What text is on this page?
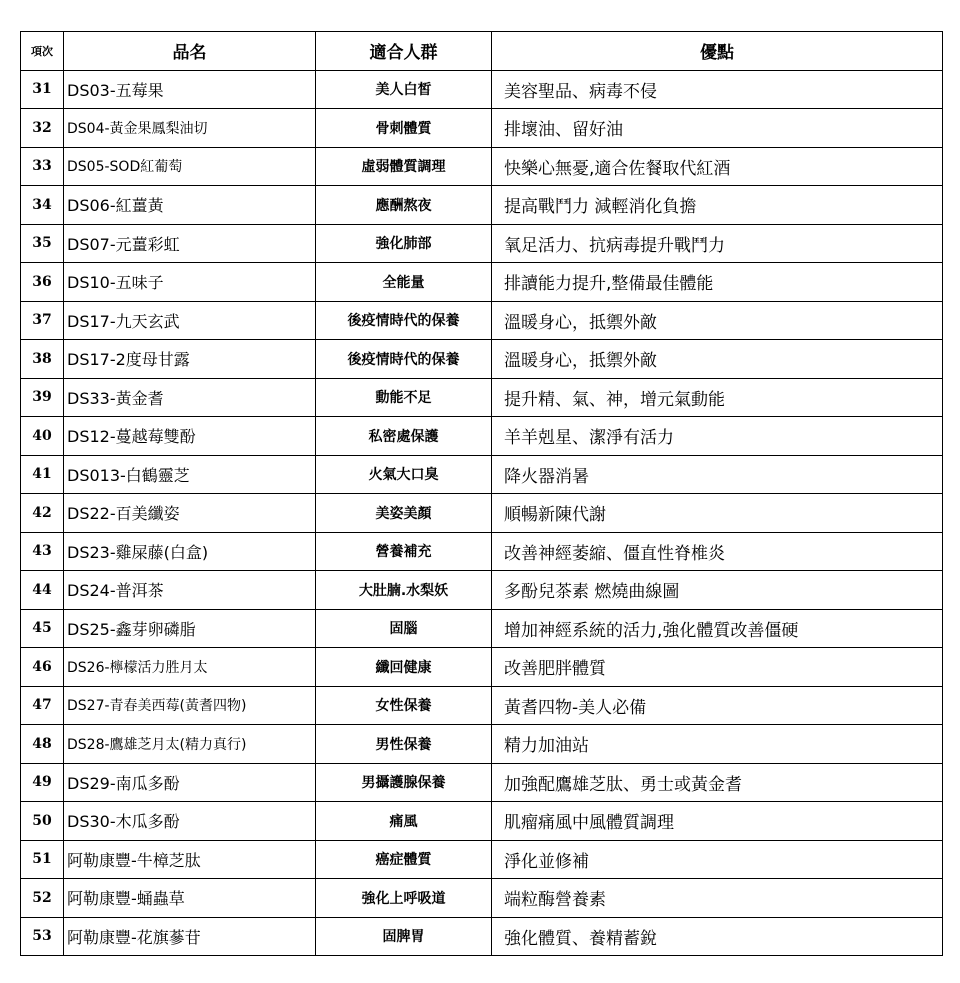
項次	品名	適合人群	優點
31	DS03-五莓果	美人白皙	美容聖品、病毒不侵
32	DS04-黃金果鳳梨油切	骨刺體質	排壞油、留好油
33	DS05-SOD紅葡萄	虛弱體質調理	快樂心無憂,適合佐餐取代紅酒
34	DS06-紅薑黃	應酬熬夜	提高戰鬥力 減輕消化負擔
35	DS07-元薑彩虹	強化肺部	氧足活力、抗病毒提升戰鬥力
36	DS10-五味子	全能量	排讀能力提升,整備最佳體能
37	DS17-九天玄武	後疫情時代的保養	溫暖身心，抵禦外敵
38	DS17-2度母甘露	後疫情時代的保養	溫暖身心，抵禦外敵
39	DS33-黃金耆	動能不足	提升精、氣、神，增元氣動能
40	DS12-蔓越莓雙酚	私密處保護	羊羊剋星、潔淨有活力
41	DS013-白鶴靈芝	火氣大口臭	降火器消暑
42	DS22-百美纖姿	美姿美顏	順暢新陳代謝
43	DS23-雞屎藤(白盒)	營養補充	改善神經萎縮、僵直性脊椎炎
44	DS24-普洱茶	大肚腩.水梨妖	多酚兒茶素 燃燒曲線圖
45	DS25-鑫芽卵磷脂	固腦	增加神經系統的活力,強化體質改善僵硬
46	DS26-檸檬活力胜月太	纖回健康	改善肥胖體質
47	DS27-青春美西莓(黃耆四物)	女性保養	黃耆四物-美人必備
48	DS28-鷹雄芝月太(精力真行)	男性保養	精力加油站
49	DS29-南瓜多酚	男攝護腺保養	加強配鷹雄芝肽、勇士或黃金耆
50	DS30-木瓜多酚	痛風	肌瘤痛風中風體質調理
51	阿勒康豐-牛樟芝肽	癌症體質	淨化並修補
52	阿勒康豐-蛹蟲草	強化上呼吸道	端粒酶營養素
53	阿勒康豐-花旗蔘苷	固脾胃	強化體質、養精蓄銳
